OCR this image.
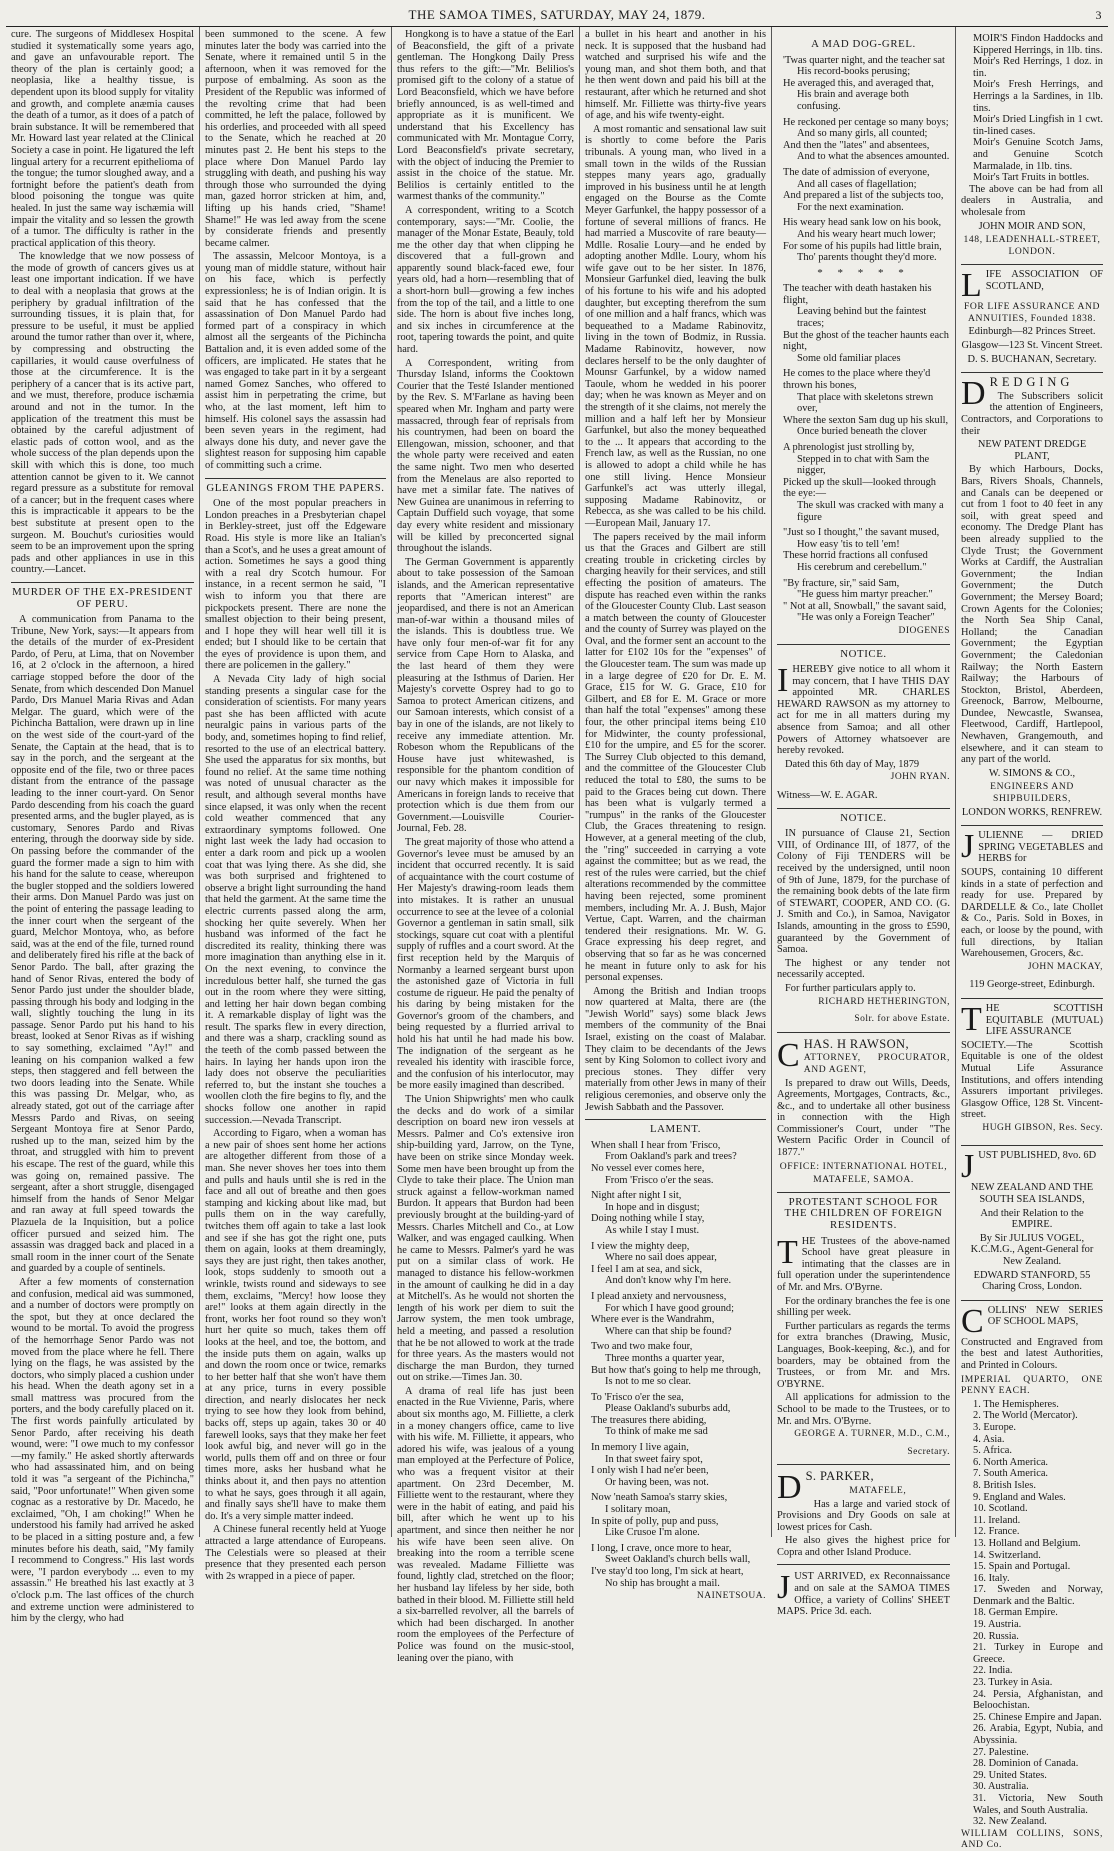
THE SAMOA TIMES, SATURDAY, MAY 24, 1879.	3

cure. The surgeons of Middlesex Hospital studied it systematically some years ago, and gave an unfavourable report. The theory of the plan is certainly good; a neoplasia, like a healthy tissue, is dependent upon its blood supply for vitality and growth, and complete anæmia causes the death of a tumor, as it does of a patch of brain substance. It will be remembered that Mr. Howard last year related at the Clinical Society a case in point. He ligatured the left lingual artery for a recurrent epithelioma of the tongue; the tumor sloughed away, and a fortnight before the patient's death from blood poisoning the tongue was quite healed. In just the same way ischæmia will impair the vitality and so lessen the growth of a tumor. The difficulty is rather in the practical application of this theory.

The knowledge that we now possess of the mode of growth of cancers gives us at least one important indication. If we have to deal with a neoplasia that grows at the periphery by gradual infiltration of the surrounding tissues, it is plain that, for pressure to be useful, it must be applied around the tumor rather than over it, where, by compressing and obstructing the capillaries, it would cause overfulness of those at the circumference. It is the periphery of a cancer that is its active part, and we must, therefore, produce ischæmia around and not in the tumor. In the application of the treatment this must be obtained by the careful adjustment of elastic pads of cotton wool, and as the whole success of the plan depends upon the skill with which this is done, too much attention cannot be given to it. We cannot regard pressure as a substitute for removal of a cancer; but in the frequent cases where this is impracticable it appears to be the best substitute at present open to the surgeon. M. Bouchut's curiosities would seem to be an improvement upon the spring pads and other appliances in use in this country.—Lancet.

MURDER OF THE EX-PRESIDENT OF PERU.

A communication from Panama to the Tribune, New York, says:—It appears from the details of the murder of ex-President Pardo, of Peru, at Lima, that on November 16, at 2 o'clock in the afternoon, a hired carriage stopped before the door of the Senate, from which descended Don Manuel Pardo, Drs Manuel Maria Rivas and Adan Melgar. The guard, which were of the Pichincha Battalion, were drawn up in line on the west side of the court-yard of the Senate, the Captain at the head, that is to say in the porch, and the sergeant at the opposite end of the file, two or three paces distant from the entrance of the passage leading to the inner court-yard. On Senor Pardo descending from his coach the guard presented arms, and the bugler played, as is customary, Senores Pardo and Rivas entering, through the doorway side by side. On passing before the commander of the guard the former made a sign to him with his hand for the salute to cease, whereupon the bugler stopped and the soldiers lowered their arms. Don Manuel Pardo was just on the point of entering the passage leading to the inner court when the sergeant of the guard, Melchor Montoya, who, as before said, was at the end of the file, turned round and deliberately fired his rifle at the back of Senor Pardo. The ball, after grazing the hand of Senor Rivas, entered the body of Senor Pardo just under the shoulder blade, passing through his body and lodging in the wall, slightly touching the lung in its passage. Senor Pardo put his hand to his breast, looked at Senor Rivas as if wishing to say something, exclaimed "Ay!" and leaning on his companion walked a few steps, then staggered and fell between the two doors leading into the Senate. While this was passing Dr. Melgar, who, as already stated, got out of the carriage after Messrs Pardo and Rivas, on seeing Sergeant Montoya fire at Senor Pardo, rushed up to the man, seized him by the throat, and struggled with him to prevent his escape. The rest of the guard, while this was going on, remained passive. The sergeant, after a short struggle, disengaged himself from the hands of Senor Melgar and ran away at full speed towards the Plazuela de la Inquisition, but a police officer pursued and seized him. The assassin was dragged back and placed in a small room in the inner court of the Senate and guarded by a couple of sentinels.

After a few moments of consternation and confusion, medical aid was summoned, and a number of doctors were promptly on the spot, but they at once declared the wound to be mortal. To avoid the progress of the hemorrhage Senor Pardo was not moved from the place where he fell. There lying on the flags, he was assisted by the doctors, who simply placed a cushion under his head. When the death agony set in a small mattress was procured from the porters, and the body carefully placed on it. The first words painfully articulated by Senor Pardo, after receiving his death wound, were: "I owe much to my confessor—my family." He asked shortly afterwards who had assassinated him, and on being told it was "a sergeant of the Pichincha," said, "Poor unfortunate!" When given some cognac as a restorative by Dr. Macedo, he exclaimed, "Oh, I am choking!" When he understood his family had arrived he asked to be placed in a sitting posture and, a few minutes before his death, said, "My family I recommend to Congress." His last words were, "I pardon everybody ... even to my assassin." He breathed his last exactly at 3 o'clock p.m. The last offices of the church and extreme unction were administered to him by the clergy, who had

been summoned to the scene. A few minutes later the body was carried into the Senate, where it remained until 5 in the afternoon, when it was removed for the purpose of embalming. As soon as the President of the Republic was informed of the revolting crime that had been committed, he left the palace, followed by his orderlies, and proceeded with all speed to the Senate, which he reached at 20 minutes past 2. He bent his steps to the place where Don Manuel Pardo lay struggling with death, and pushing his way through those who surrounded the dying man, gazed horror stricken at him, and, lifting up his hands cried, "Shame! Shame!" He was led away from the scene by considerate friends and presently became calmer.

The assassin, Melcoor Montoya, is a young man of middle stature, without hair on his face, which is perfectly expressionless; he is of Indian origin. It is said that he has confessed that the assassination of Don Manuel Pardo had formed part of a conspiracy in which almost all the sergeants of the Pichincha Battalion and, it is even added some of the officers, are implicated. He states that he was engaged to take part in it by a sergeant named Gomez Sanches, who offered to assist him in perpetrating the crime, but who, at the last moment, left him to himself. His colonel says the assassin had been seven years in the regiment, had always done his duty, and never gave the slightest reason for supposing him capable of committing such a crime.

GLEANINGS FROM THE PAPERS.

One of the most popular preachers in London preaches in a Presbyterian chapel in Berkley-street, just off the Edgeware Road. His style is more like an Italian's than a Scot's, and he uses a great amount of action. Sometimes he says a good thing with a real dry Scotch humour. For instance, in a recent sermon he said, "I wish to inform you that there are pickpockets present. There are none the smallest objection to their being present, and I hope they will hear well till it is ended; but I should like to be certain that the eyes of providence is upon them, and there are policemen in the gallery."

A Nevada City lady of high social standing presents a singular case for the consideration of scientists. For many years past she has been afflicted with acute neuralgic pains in various parts of the body, and, sometimes hoping to find relief, resorted to the use of an electrical battery. She used the apparatus for six months, but found no relief. At the same time nothing was noted of unusual character as the result, and although several months have since elapsed, it was only when the recent cold weather commenced that any extraordinary symptoms followed. One night last week the lady had occasion to enter a dark room and pick up a woolen coat that was lying there. As she did, she was both surprised and frightened to observe a bright light surrounding the hand that held the garment. At the same time the electric currents passed along the arm, shocking her quite severely. When her husband was informed of the fact he discredited its reality, thinking there was more imagination than anything else in it. On the next evening, to convince the incredulous better half, she turned the gas out in the room where they were sitting, and letting her hair down began combing it. A remarkable display of light was the result. The sparks flew in every direction, and there was a sharp, crackling sound as the teeth of the comb passed between the hairs. In laying her hands upon iron the lady does not observe the peculiarities referred to, but the instant she touches a woollen cloth the fire begins to fly, and the shocks follow one another in rapid succession.—Nevada Transcript.

According to Figaro, when a woman has a new pair of shoes sent home her actions are altogether different from those of a man. She never shoves her toes into them and pulls and hauls until she is red in the face and all out of breathe and then goes stamping and kicking about like mad, but pulls them on in the way carefully, twitches them off again to take a last look and see if she has got the right one, puts them on again, looks at them dreamingly, says they are just right, then takes another, look, stops suddenly to smooth out a wrinkle, twists round and sideways to see them, exclaims, "Mercy! how loose they are!" looks at them again directly in the front, works her foot round so they won't hurt her quite so much, takes them off looks at the heel, and toe, the bottom, and the inside puts them on again, walks up and down the room once or twice, remarks to her better half that she won't have them at any price, turns in every possible direction, and nearly dislocates her neck trying to see how they look from behind, backs off, steps up again, takes 30 or 40 farewell looks, says that they make her feet look awful big, and never will go in the world, pulls them off and on three or four times more, asks her husband what he thinks about it, and then pays no attention to what he says, goes through it all again, and finally says she'll have to make them do. It's a very simple matter indeed.

A Chinese funeral recently held at Yuoge attracted a large attendance of Europeans. The Celestials were so pleased at their presence that they presented each person with 2s wrapped in a piece of paper.

Hongkong is to have a statue of the Earl of Beaconsfield, the gift of a private gentleman. The Hongkong Daily Press thus refers to the gift:—"Mr. Belilios's promised gift to the colony of a statue of Lord Beaconsfield, which we have before briefly announced, is as well-timed and appropriate as it is munificent. We understand that his Excellency has communicated with Mr. Montague Corry, Lord Beaconsfield's private secretary, with the object of inducing the Premier to assist in the choice of the statue. Mr. Belilios is certainly entitled to the warmest thanks of the community."

A correspondent, writing to a Scotch contemporary, says:—"Mr. Coolie, the manager of the Monar Estate, Beauly, told me the other day that when clipping he discovered that a full-grown and apparently sound black-faced ewe, four years old, had a horn—resembling that of a short-horn bull—growing a few inches from the top of the tail, and a little to one side. The horn is about five inches long, and six inches in circumference at the root, tapering towards the point, and quite hard.

A Correspondent, writing from Thursday Island, informs the Cooktown Courier that the Testé Islander mentioned by the Rev. S. M'Farlane as having been speared when Mr. Ingham and party were massacred, through fear of reprisals from his countrymen, had been on board the Ellengowan, mission, schooner, and that the whole party were received and eaten the same night. Two men who deserted from the Menelaus are also reported to have met a similar fate. The natives of New Guinea are unanimous in referring to Captain Duffield such voyage, that some day every white resident and missionary will be killed by preconcerted signal throughout the islands.

The German Government is apparently about to take possession of the Samoan islands, and the American representative reports that "American interest" are jeopardised, and there is not an American man-of-war within a thousand miles of the islands. This is doubtless true. We have only four men-of-war fit for any service from Cape Horn to Alaska, and the last heard of them they were pleasuring at the Isthmus of Darien. Her Majesty's corvette Osprey had to go to Samoa to protect American citizens, and our Samoan interests, which consist of a bay in one of the islands, are not likely to receive any immediate attention. Mr. Robeson whom the Republicans of the House have just whitewashed, is responsible for the phantom condition of our navy which makes it impossible for Americans in foreign lands to receive that protection which is due them from our Government.—Louisville Courier-Journal, Feb. 28.

The great majority of those who attend a Governor's levee must be amused by an incident that occurred recently. It is said of acquaintance with the court costume of Her Majesty's drawing-room leads them into mistakes. It is rather an unusual occurrence to see at the levee of a colonial Governor a gentleman in satin small, silk stockings, square cut coat with a plentiful supply of ruffles and a court sword. At the first reception held by the Marquis of Normanby a learned sergeant burst upon the astonished gaze of Victoria in full costume de rigueur. He paid the penalty of his daring by being mistaken for the Governor's groom of the chambers, and being requested by a flurried arrival to hold his hat until he had made his bow. The indignation of the sergeant as he revealed his identity with irascible force, and the confusion of his interlocutor, may be more easily imagined than described.

The Union Shipwrights' men who caulk the decks and do work of a similar description on board new iron vessels at Messrs. Palmer and Co's extensive iron ship-building yard, Jarrow, on the Tyne, have been on strike since Monday week. Some men have been brought up from the Clyde to take their place. The Union man struck against a fellow-workman named Burdon. It appears that Burdon had been previously brought at the building-yard of Messrs. Charles Mitchell and Co., at Low Walker, and was engaged caulking. When he came to Messrs. Palmer's yard he was put on a similar class of work. He managed to distance his fellow-workmen in the amount of caulking he did in a day at Mitchell's. As he would not shorten the length of his work per diem to suit the Jarrow system, the men took umbrage, held a meeting, and passed a resolution that he be not allowed to work at the trade for three years. As the masters would not discharge the man Burdon, they turned out on strike.—Times Jan. 30.

A drama of real life has just been enacted in the Rue Vivienne, Paris, where about six months ago, M. Filliette, a clerk in a money changers office, came to live with his wife. M. Filliette, it appears, who adored his wife, was jealous of a young man employed at the Perfecture of Police, who was a frequent visitor at their apartment. On 23rd December, M. Filliette went to the restaurant, where they were in the habit of eating, and paid his bill, after which he went up to his apartment, and since then neither he nor his wife have been seen alive. On breaking into the room a terrible scene was revealed. Madame Filliette was found, lightly clad, stretched on the floor; her husband lay lifeless by her side, both bathed in their blood. M. Filliette still held a six-barrelled revolver, all the barrels of which had been discharged. In another room the employees of the Perfecture of Police was found on the music-stool, leaning over the piano, with

a bullet in his heart and another in his neck. It is supposed that the husband had watched and surprised his wife and the young man, and shot them both, and that he then went down and paid his bill at the restaurant, after which he returned and shot himself. Mr. Filliette was thirty-five years of age, and his wife twenty-eight.

A most romantic and sensational law suit is shortly to come before the Paris tribunals. A young man, who lived in a small town in the wilds of the Russian steppes many years ago, gradually improved in his business until he at length engaged on the Bourse as the Comte Meyer Garfunkel, the happy possessor of a fortune of several millions of francs. He had married a Muscovite of rare beauty—Mdlle. Rosalie Loury—and he ended by adopting another Mdlle. Loury, whom his wife gave out to be her sister. In 1876, Monsieur Garfunkel died, leaving the bulk of his fortune to his wife and his adopted daughter, but excepting therefrom the sum of one million and a half francs, which was bequeathed to a Madame Rabinovitz, living in the town of Bodmiz, in Russia. Madame Rabinovitz, however, now declares herself to be the only daughter of Mounsr Garfunkel, by a widow named Taoule, whom he wedded in his poorer day; when he was known as Meyer and on the strength of it she claims, not merely the million and a half left her by Monsieur Garfunkel, but also the money bequeathed to the ... It appears that according to the French law, as well as the Russian, no one is allowed to adopt a child while he has one still living. Hence Monsieur Garfunkel's act was utterly illegal, supposing Madame Rabinovitz, or Rebecca, as she was called to be his child.—European Mail, January 17.

The papers received by the mail inform us that the Graces and Gilbert are still creating trouble in cricketing circles by charging heavily for their services, and still effecting the position of amateurs. The dispute has reached even within the ranks of the Gloucester County Club. Last season a match between the county of Gloucester and the county of Surrey was played on the Oval, and the former sent an account to the latter for £102 10s for the "expenses" of the Gloucester team. The sum was made up in a large degree of £20 for Dr. E. M. Grace, £15 for W. G. Grace, £10 for Gilbert, and £8 for E. M. Grace or more than half the total "expenses" among these four, the other principal items being £10 for Midwinter, the county professional, £10 for the umpire, and £5 for the scorer. The Surrey Club objected to this demand, and the committee of the Gloucester Club reduced the total to £80, the sums to be paid to the Graces being cut down. There has been what is vulgarly termed a "rumpus" in the ranks of the Gloucester Club, the Graces threatening to resign. However, at a general meeting of the club, the "ring" succeeded in carrying a vote against the committee; but as we read, the rest of the rules were carried, but the chief alterations recommended by the committee having been rejected, some prominent members, including Mr. A. J. Bush, Major Vertue, Capt. Warren, and the chairman tendered their resignations. Mr. W. G. Grace expressing his deep regret, and observing that so far as he was concerned he meant in future only to ask for his personal expenses.

Among the British and Indian troops now quartered at Malta, there are (the "Jewish World" says) some black Jews members of the community of the Bnai Israel, existing on the coast of Malabar. They claim to be decendants of the Jews sent by King Solomon to collect ivory and precious stones. They differ very materially from other Jews in many of their religious ceremonies, and observe only the Jewish Sabbath and the Passover.

LAMENT.
When shall I hear from 'Frisco,
From Oakland's park and trees?
No vessel ever comes here,
From 'Frisco o'er the seas.

Night after night I sit,
In hope and in disgust;
Doing nothing while I stay,
As while I stay I must.

I view the mighty deep,
Where no sail does appear,
I feel I am at sea, and sick,
And don't know why I'm here.

I plead anxiety and nervousness,
For which I have good ground;
Where ever is the Wandrahm,
Where can that ship be found?

Two and two make four,
Three months a quarter year,
But how that's going to help me through,
Is not to me so clear.

To 'Frisco o'er the sea,
Please Oakland's suburbs add,
The treasures there abiding,
To think of make me sad

In memory I live again,
In that sweet fairy spot,
I only wish I had ne'er been,
Or having been, was not.

Now 'neath Samoa's starry skies,
I solitary moan,
In spite of polly, pup and puss,
Like Crusoe I'm alone.

I long, I crave, once more to hear,
Sweet Oakland's church bells wall,
I've stay'd too long, I'm sick at heart,
No ship has brought a mail.
NAINETSOUA.
A MAD DOG-GREL.
'Twas quarter night, and the teacher sat
His record-books perusing;
He averaged this, and averaged that,
His brain and average both confusing.

He reckoned per centage so many boys;
And so many girls, all counted;
And then the "lates" and absentees,
And to what the absences amounted.

The date of admission of everyone,
And all cases of flagellation;
And prepared a list of the subjects too,
For the next examination.

His weary head sank low on his book,
And his weary heart much lower;
For some of his pupils had little brain,
Tho' parents thought they'd more.
* * * * *
The teacher with death hastaken his flight,
Leaving behind but the faintest traces;
But the ghost of the teacher haunts each night,
Some old familiar places

He comes to the place where they'd thrown his bones,
That place with skeletons strewn over,
Where the sexton Sam dug up his skull,
Once buried beneath the clover

A phrenologist just strolling by,
Stepped in to chat with Sam the nigger,
Picked up the skull—looked through the eye:—
The skull was cracked with many a figure

"Just so I thought," the savant mused,
How easy 'tis to tell 'em!
These horrid fractions all confused
His cerebrum and cerebellum."

"By fracture, sir," said Sam,
"He guess him martyr preacher."
" Not at all, Snowball," the savant said,
"He was only a Foreign Teacher"
DIOGENES
NOTICE.
I HEREBY give notice to all whom it may concern, that I have THIS DAY appointed MR. CHARLES HEWARD RAWSON as my attorney to act for me in all matters during my absence from Samoa; and all other Powers of Attorney whatsoever are hereby revoked.

Dated this 6th day of May, 1879

JOHN RYAN.

Witness—W. E. AGAR.

NOTICE.

IN pursuance of Clause 21, Section VIII, of Ordinance III, of 1877, of the Colony of Fiji TENDERS will be received by the undersigned, until noon of 9th of June, 1879, for the purchase of the remaining book debts of the late firm of STEWART, COOPER, AND CO. (G. J. Smith and Co.), in Samoa, Navigator Islands, amounting in the gross to £590, guaranteed by the Government of Samoa.

The highest or any tender not necessarily accepted.

For further particulars apply to.

RICHARD HETHERINGTON,

Solr. for above Estate.

C HAS. H RAWSON,

ATTORNEY, PROCURATOR, AND AGENT,

Is prepared to draw out Wills, Deeds, Agreements, Mortgages, Contracts, &c., &c., and to undertake all other business in connection with the High Commissioner's Court, under "The Western Pacific Order in Council of 1877."

OFFICE: INTERNATIONAL HOTEL,

MATAFELE, SAMOA.

PROTESTANT SCHOOL FOR THE CHILDREN OF FOREIGN RESIDENTS.
T HE Trustees of the above-named School have great pleasure in intimating that the classes are in full operation under the superintendence of Mr. and Mrs. O'Byrne.

For the ordinary branches the fee is one shilling per week.

Further particulars as regards the terms for extra branches (Drawing, Music, Languages, Book-keeping, &c.), and for boarders, may be obtained from the Trustees, or from Mr. and Mrs. O'BYRNE.

All applications for admission to the School to be made to the Trustees, or to Mr. and Mrs. O'Byrne.

GEORGE A. TURNER, M.D., C.M.,

Secretary.

D S. PARKER,

MATAFELE,

Has a large and varied stock of Provisions and Dry Goods on sale at lowest prices for Cash.

He also gives the highest price for Copra and other Island Produce.

J UST ARRIVED, ex Reconnaissance and on sale at the SAMOA TIMES Office, a variety of Collins' SHEET MAPS. Price 3d. each.

MOIR'S Findon Haddocks and Kippered Herrings, in 1lb. tins.
Moir's Red Herrings, 1 doz. in tin.
Moir's Fresh Herrings, and Herrings a la Sardines, in 1lb. tins.
Moir's Dried Lingfish in 1 cwt. tin-lined cases.
Moir's Genuine Scotch Jams, and Genuine Scotch Marmalade, in 1lb. tins.
Moir's Tart Fruits in bottles.

The above can be had from all dealers in Australia, and wholesale from

JOHN MOIR AND SON,

148, LEADENHALL-STREET, LONDON.

L IFE ASSOCIATION OF SCOTLAND,

FOR LIFE ASSURANCE AND ANNUITIES, Founded 1838.

Edinburgh—82 Princes Street.

Glasgow—123 St. Vincent Street.

D. S. BUCHANAN, Secretary.

D R E D G I N G

The Subscribers solicit the attention of Engineers, Contractors, and Corporations to their

NEW PATENT DREDGE PLANT,

By which Harbours, Docks, Bars, Rivers Shoals, Channels, and Canals can be deepened or cut from 1 foot to 40 feet in any soil, with great speed and economy. The Dredge Plant has been already supplied to the Clyde Trust; the Government Works at Cardiff, the Australian Government; the Indian Government; the Dutch Government; the Mersey Board; Crown Agents for the Colonies; the North Sea Ship Canal, Holland; the Canadian Government; the Egyptian Government; the Caledonian Railway; the North Eastern Railway; the Harbours of Stockton, Bristol, Aberdeen, Greenock, Barrow, Melbourne, Dundee, Newcastle, Swansea, Fleetwood, Cardiff, Hartlepool, Newhaven, Grangemouth, and elsewhere, and it can steam to any part of the world.

W. SIMONS & CO.,

ENGINEERS AND SHIPBUILDERS,

LONDON WORKS, RENFREW.

J ULIENNE — DRIED SPRING VEGETABLES and HERBS for

SOUPS, containing 10 different kinds in a state of perfection and ready for use. Prepared by DARDELLE & Co., late Chollet & Co., Paris. Sold in Boxes, in each, or loose by the pound, with full directions, by Italian Warehousemen, Grocers, &c.

JOHN MACKAY,

119 George-street, Edinburgh.

T HE SCOTTISH EQUITABLE (MUTUAL) LIFE ASSURANCE

SOCIETY.—The Scottish Equitable is one of the oldest Mutual Life Assurance Institutions, and offers intending Assurers important privileges. Glasgow Office, 128 St. Vincent-street.

HUGH GIBSON, Res. Secy.

J UST PUBLISHED, 8vo. 6D

NEW ZEALAND AND THE SOUTH SEA ISLANDS,

And their Relation to the EMPIRE.

By Sir JULIUS VOGEL, K.C.M.G., Agent-General for New Zealand.

EDWARD STANFORD, 55 Charing Cross, London.

C OLLINS' NEW SERIES OF SCHOOL MAPS,

Constructed and Engraved from the best and latest Authorities, and Printed in Colours.

IMPERIAL QUARTO, ONE PENNY EACH.

1. The Hemispheres.
2. The World (Mercator).
3. Europe.
4. Asia.
5. Africa.
6. North America.
7. South America.
8. British Isles.
9. England and Wales.
10. Scotland.
11. Ireland.
12. France.
13. Holland and Belgium.
14. Switzerland.
15. Spain and Portugal.
16. Italy.
17. Sweden and Norway, Denmark and the Baltic.
18. German Empire.
19. Austria.
20. Russia.
21. Turkey in Europe and Greece.
22. India.
23. Turkey in Asia.
24. Persia, Afghanistan, and Beloochistan.
25. Chinese Empire and Japan.
26. Arabia, Egypt, Nubia, and Abyssinia.
27. Palestine.
28. Dominion of Canada.
29. United States.
30. Australia.
31. Victoria, New South Wales, and South Australia.
32. New Zealand.

WILLIAM COLLINS, SONS, AND Co.
